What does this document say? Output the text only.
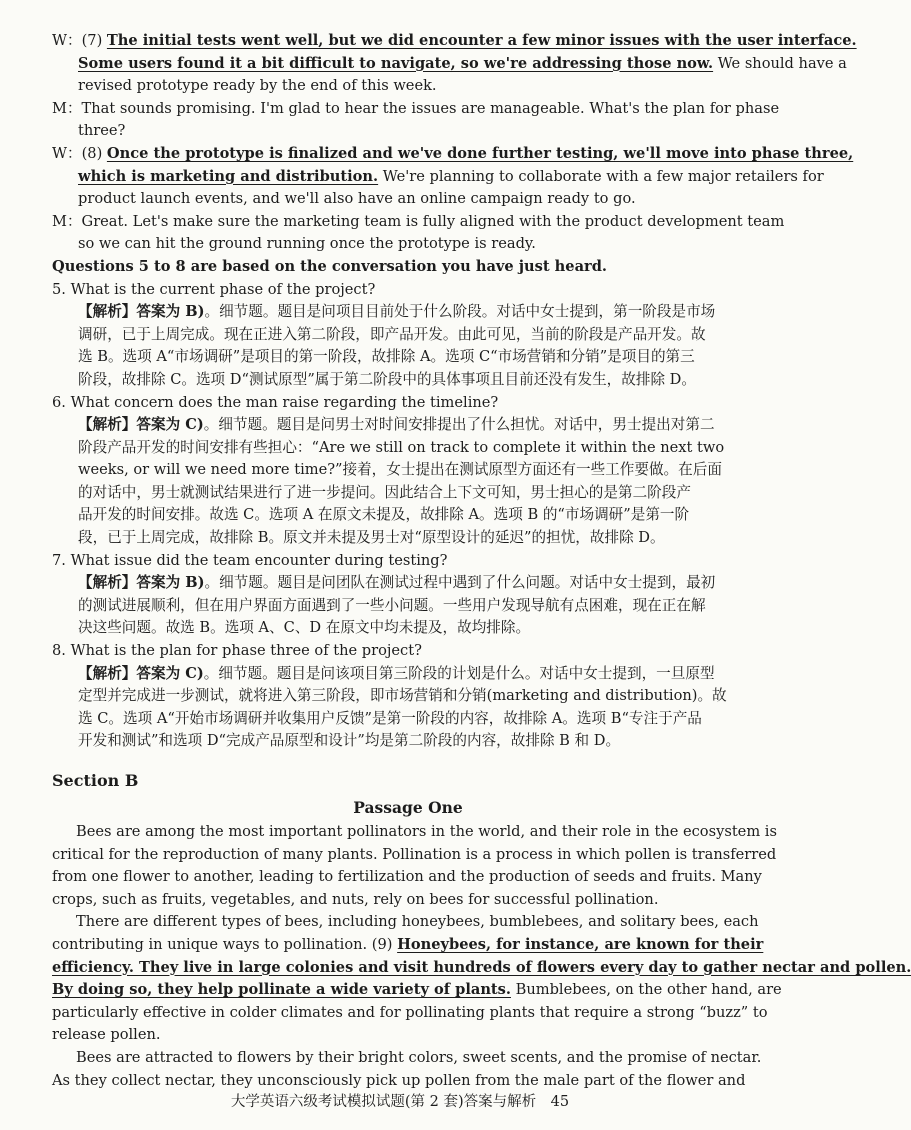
W：(7) The initial tests went well, but we did encounter a few minor issues with the user interface.
Some users found it a bit difficult to navigate, so we're addressing those now. We should have a
revised prototype ready by the end of this week.
M：That sounds promising. I'm glad to hear the issues are manageable. What's the plan for phase
three?
W：(8) Once the prototype is finalized and we've done further testing, we'll move into phase three,
which is marketing and distribution. We're planning to collaborate with a few major retailers for
product launch events, and we'll also have an online campaign ready to go.
M：Great. Let's make sure the marketing team is fully aligned with the product development team
so we can hit the ground running once the prototype is ready.
Questions 5 to 8 are based on the conversation you have just heard.
5. What is the current phase of the project?
【解析】答案为 B)。细节题。题目是问项目目前处于什么阶段。对话中女士提到，第一阶段是市场
调研，已于上周完成。现在正进入第二阶段，即产品开发。由此可见，当前的阶段是产品开发。故
选 B。选项 A“市场调研”是项目的第一阶段，故排除 A。选项 C“市场营销和分销”是项目的第三
阶段，故排除 C。选项 D“测试原型”属于第二阶段中的具体事项且目前还没有发生，故排除 D。
6. What concern does the man raise regarding the timeline?
【解析】答案为 C)。细节题。题目是问男士对时间安排提出了什么担忧。对话中，男士提出对第二
阶段产品开发的时间安排有些担心：“Are we still on track to complete it within the next two
weeks, or will we need more time?”接着，女士提出在测试原型方面还有一些工作要做。在后面
的对话中，男士就测试结果进行了进一步提问。因此结合上下文可知，男士担心的是第二阶段产
品开发的时间安排。故选 C。选项 A 在原文未提及，故排除 A。选项 B 的“市场调研”是第一阶
段，已于上周完成，故排除 B。原文并未提及男士对“原型设计的延迟”的担忧，故排除 D。
7. What issue did the team encounter during testing?
【解析】答案为 B)。细节题。题目是问团队在测试过程中遇到了什么问题。对话中女士提到，最初
的测试进展顺利，但在用户界面方面遇到了一些小问题。一些用户发现导航有点困难，现在正在解
决这些问题。故选 B。选项 A、C、D 在原文中均未提及，故均排除。
8. What is the plan for phase three of the project?
【解析】答案为 C)。细节题。题目是问该项目第三阶段的计划是什么。对话中女士提到，一旦原型
定型并完成进一步测试，就将进入第三阶段，即市场营销和分销(marketing and distribution)。故
选 C。选项 A“开始市场调研并收集用户反馈”是第一阶段的内容，故排除 A。选项 B“专注于产品
开发和测试”和选项 D“完成产品原型和设计”均是第二阶段的内容，故排除 B 和 D。
Section B
Passage One
Bees are among the most important pollinators in the world, and their role in the ecosystem is
critical for the reproduction of many plants. Pollination is a process in which pollen is transferred
from one flower to another, leading to fertilization and the production of seeds and fruits. Many
crops, such as fruits, vegetables, and nuts, rely on bees for successful pollination.
There are different types of bees, including honeybees, bumblebees, and solitary bees, each
contributing in unique ways to pollination. (9) Honeybees, for instance, are known for their
efficiency. They live in large colonies and visit hundreds of flowers every day to gather nectar and pollen.
By doing so, they help pollinate a wide variety of plants. Bumblebees, on the other hand, are
particularly effective in colder climates and for pollinating plants that require a strong “buzz” to
release pollen.
Bees are attracted to flowers by their bright colors, sweet scents, and the promise of nectar.
As they collect nectar, they unconsciously pick up pollen from the male part of the flower and
大学英语六级考试模拟试题(第 2 套)答案与解析　45
